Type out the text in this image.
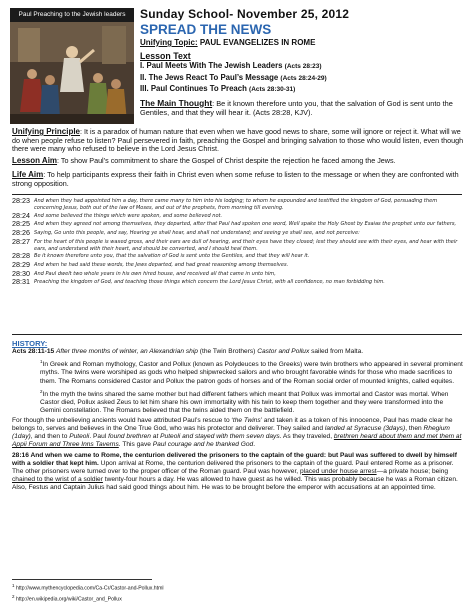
Paul Preaching to the Jewish leaders	Sunday School- November 25, 2012
SPREAD THE NEWS
Unifying Topic: PAUL EVANGELIZES IN ROME
Lesson Text
I. Paul Meets With The Jewish Leaders (Acts 28:23)
II. The Jews React To Paul’s Message (Acts 28:24-29)
III. Paul Continues To Preach (Acts 28:30-31)
The Main Thought: Be it known therefore unto you, that the salvation of God is sent unto the Gentiles, and that they will hear it. (Acts 28:28, KJV).
Unifying Principle: It is a paradox of human nature that even when we have good news to share, some will ignore or reject it. What will we do when people refuse to listen? Paul persevered in faith, preaching the Gospel and bringing salvation to those who would listen, even though there were many who refused to believe in the Lord Jesus Christ.
Lesson Aim: To show Paul’s commitment to share the Gospel of Christ despite the rejection he faced among the Jews.
Life Aim: To help participants express their faith in Christ even when some refuse to listen to the message or when they are confronted with strong opposition.
28:23 And when they had appointed him a day, there came many to him into his lodging; to whom he expounded and testified the kingdom of God, persuading them concerning Jesus, both out of the law of Moses, and out of the prophets, from morning till evening.
28:24 And some believed the things which were spoken, and some believed not.
28:25 And when they agreed not among themselves, they departed, after that Paul had spoken one word, Well spake the Holy Ghost by Esaias the prophet unto our fathers,
28:26 Saying, Go unto this people, and say, Hearing ye shall hear, and shall not understand; and seeing ye shall see, and not perceive:
28:27 For the heart of this people is waxed gross, and their ears are dull of hearing, and their eyes have they closed; lest they should see with their eyes, and hear with their ears, and understand with their heart, and should be converted, and I should heal them.
28:28 Be it known therefore unto you, that the salvation of God is sent unto the Gentiles, and that they will hear it.
28:29 And when he had said these words, the Jews departed, and had great reasoning among themselves.
28:30 And Paul dwelt two whole years in his own hired house, and received all that came in unto him,
28:31 Preaching the kingdom of God, and teaching those things which concern the Lord Jesus Christ, with all confidence, no man forbidding him.
HISTORY:

Acts 28:11-15 After three months of winter, an Alexandrian ship (the Twin Brothers) Castor and Pollux sailed from Malta.

$^1$In Greek and Roman mythology, Castor and Pollux (known as Polydeuces to the Greeks) were twin brothers who appeared in several prominent myths. The twins were worshiped as gods who helped shipwrecked sailors and who brought favorable winds for those who made sacrifices to them. The Romans considered Castor and Pollux the patron gods of horses and of the Roman social order of mounted knights, called equites.

$^2$In the myth the twins shared the same mother but had different fathers which meant that Pollux was immortal and Castor was mortal. When Castor died, Pollux asked Zeus to let him share his own immortality with his twin to keep them together and they were transformed into the Gemini constellation. The Romans believed that the twins aided them on the battlefield.

For though the unbelieving ancients would have attributed Paul’s rescue to ‘the Twins’ and taken it as a token of his innocence, Paul has made clear he belongs to, serves and believes in the One True God, who was his protector and deliverer. They sailed and landed at Syracuse (3days), then Rhegium (1day), and then to Puteoli. Paul found brethren at Puteoli and stayed with them seven days. As they traveled, brethren heard about them and met them at Appii Forum and Three Inns Taverns. This gave Paul courage and he thanked God.

28:16 And when we came to Rome, the centurion delivered the prisoners to the captain of the guard: but Paul was suffered to dwell by himself with a soldier that kept him. Upon arrival at Rome, the centurion delivered the prisoners to the captain of the guard. Paul entered Rome as a prisoner. The other prisoners were turned over to the proper officer of the Roman guard. Paul was however, placed under house arrest—a private house; being chained to the wrist of a soldier twenty-four hours a day. He was allowed to have guest as he willed. This was probably because he was a Roman citizen. Also, Festus and Captain Julius had said good things about him. He was to be brought before the emperor with accusations at an appointed time.

$^1$ http://www.mythencyclopedia.com/Ca-Cr/Castor-and-Pollux.html
$^2$ http://en.wikipedia.org/wiki/Castor_and_Pollux
